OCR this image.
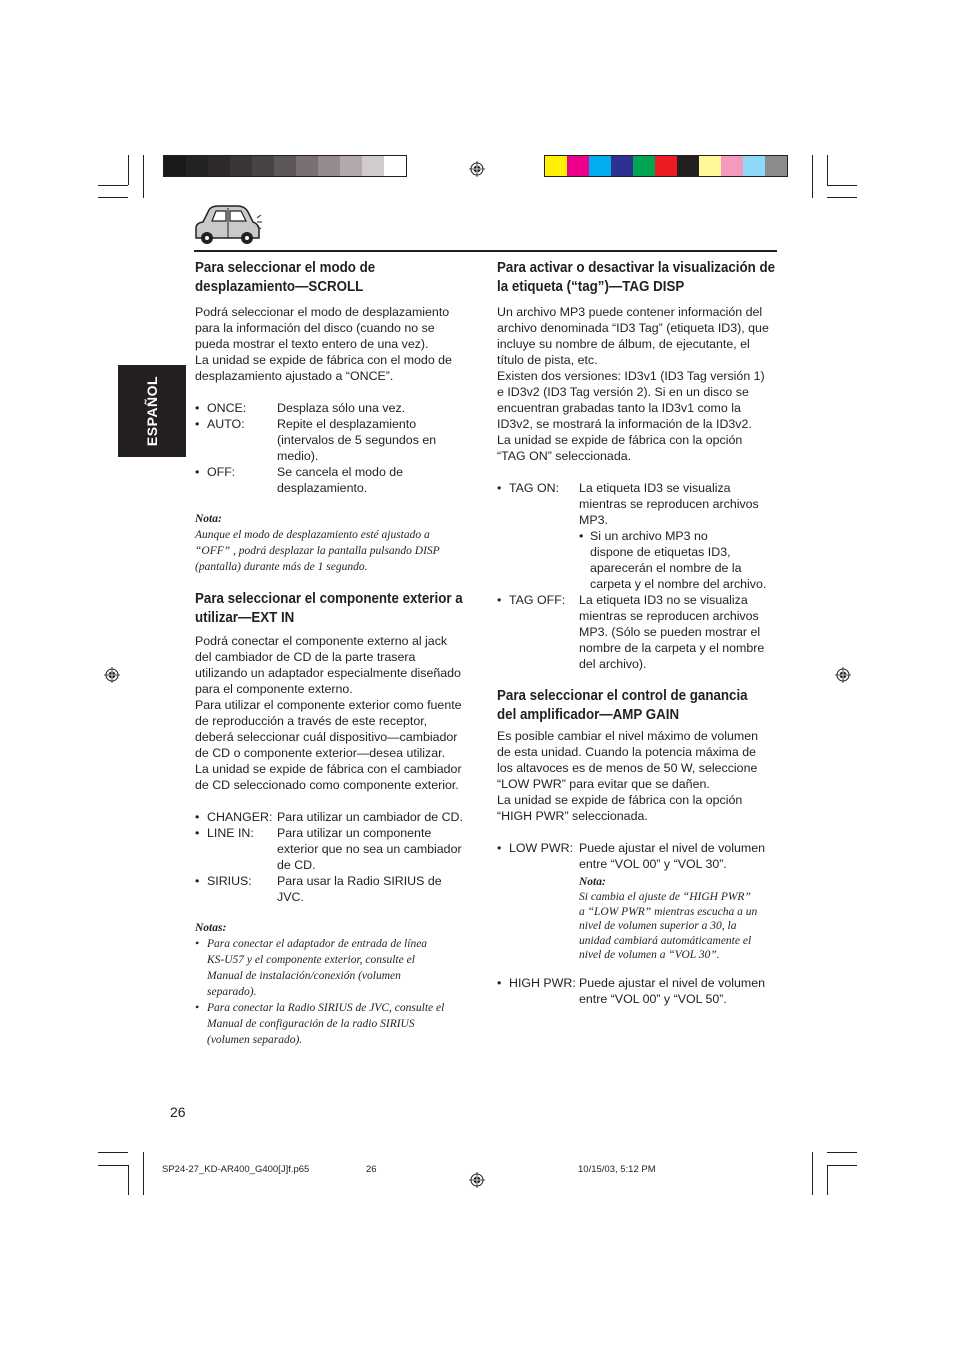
ESPAÑOL
Para seleccionar el modo de
desplazamiento—SCROLL

Podrá seleccionar el modo de desplazamiento

para la información del disco (cuando no se

pueda mostrar el texto entero de una vez).

La unidad se expide de fábrica con el modo de

desplazamiento ajustado a “ONCE”.

• ONCE:	Desplaza sólo una vez.
• AUTO:	Repite el desplazamiento
(intervalos de 5 segundos en
medio).
• OFF:	Se cancela el modo de
desplazamiento.
Nota:
Aunque el modo de desplazamiento esté ajustado a
“OFF” , podrá desplazar la pantalla pulsando DISP
(pantalla) durante más de 1 segundo.
Para seleccionar el componente exterior a
utilizar—EXT IN

Podrá conectar el componente externo al jack

del cambiador de CD de la parte trasera

utilizando un adaptador especialmente diseñado

para el componente externo.

Para utilizar el componente exterior como fuente

de reproducción a través de este receptor,

deberá seleccionar cuál dispositivo—cambiador

de CD o componente exterior—desea utilizar.

La unidad se expide de fábrica con el cambiador

de CD seleccionado como componente exterior.

• CHANGER: Para utilizar un cambiador de CD.
• LINE IN:	Para utilizar un componente
exterior que no sea un cambiador
de CD.
• SIRIUS:	Para usar la Radio SIRIUS de
JVC.
Notas:
• Para conectar el adaptador de entrada de línea
KS-U57 y el componente exterior, consulte el
Manual de instalación/conexión (volumen
separado).
• Para conectar la Radio SIRIUS de JVC, consulte el
Manual de configuración de la radio SIRIUS
(volumen separado).
Para activar o desactivar la visualización de
la etiqueta (“tag”)—TAG DISP

Un archivo MP3 puede contener información del

archivo denominada “ID3 Tag” (etiqueta ID3), que

incluye su nombre de álbum, de ejecutante, el

título de pista, etc.

Existen dos versiones: ID3v1 (ID3 Tag versión 1)

e ID3v2 (ID3 Tag versión 2). Si en un disco se

encuentran grabadas tanto la ID3v1 como la

ID3v2, se mostrará la información de la ID3v2.

La unidad se expide de fábrica con la opción

“TAG ON” seleccionada.

• TAG ON:	La etiqueta ID3 se visualiza
mientras se reproducen archivos
MP3.
• Si un archivo MP3 no
dispone de etiquetas ID3,
aparecerán el nombre de la
carpeta y el nombre del archivo.
• TAG OFF:	La etiqueta ID3 no se visualiza
mientras se reproducen archivos
MP3. (Sólo se pueden mostrar el
nombre de la carpeta y el nombre
del archivo).
Para seleccionar el control de ganancia
del amplificador—AMP GAIN

Es posible cambiar el nivel máximo de volumen

de esta unidad. Cuando la potencia máxima de

los altavoces es de menos de 50 W, seleccione

“LOW PWR” para evitar que se dañen.

La unidad se expide de fábrica con la opción

“HIGH PWR” seleccionada.

• LOW PWR: Puede ajustar el nivel de volumen
entre “VOL 00” y “VOL 30”.
Nota:
Si cambia el ajuste de “HIGH PWR”
a “LOW PWR” mientras escucha a un
nivel de volumen superior a 30, la
unidad cambiará automáticamente el
nivel de volumen a “VOL 30”.
• HIGH PWR: Puede ajustar el nivel de volumen
entre “VOL 00” y “VOL 50”.
26
SP24-27_KD-AR400_G400[J]f.p65	26	10/15/03, 5:12 PM
